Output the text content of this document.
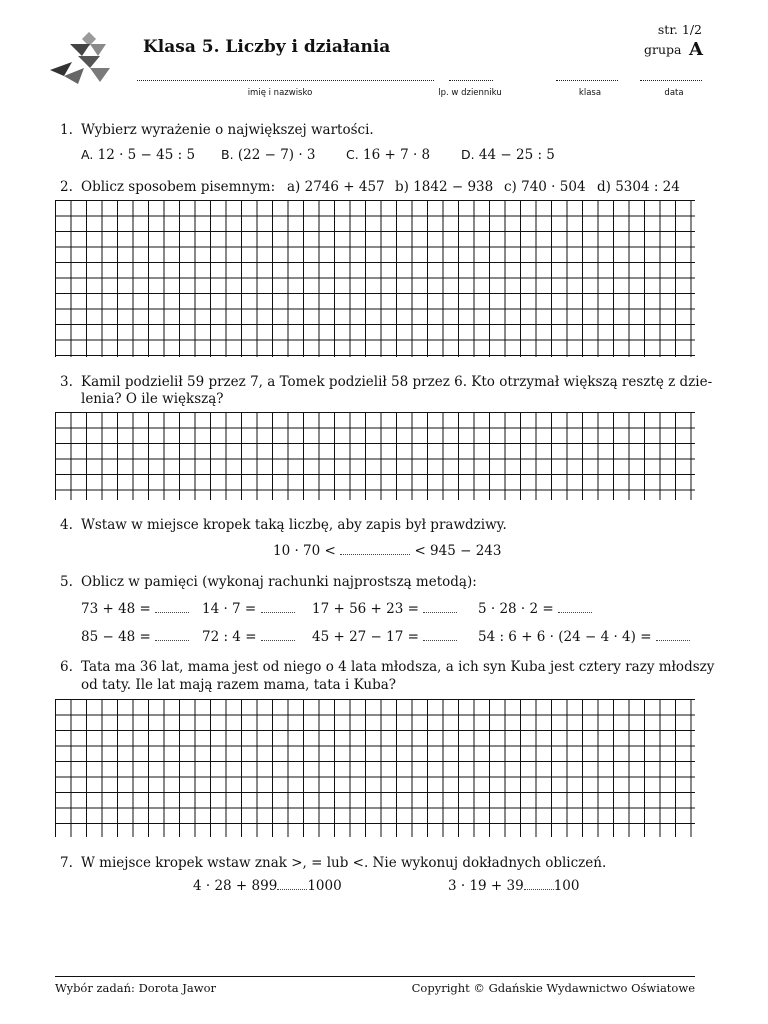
Klasa 5. Liczby i działania
str. 1/2
grupa A
imię i nazwisko	lp. w dzienniku	klasa	data
1. Wybierz wyrażenie o największej wartości.
A. 12 · 5 − 45 : 5 B. (22 − 7) · 3 C. 16 + 7 · 8 D. 44 − 25 : 5
2. Oblicz sposobem pisemnym: a) 2746 + 457 b) 1842 − 938 c) 740 · 504 d) 5304 : 24
3. Kamil podzielił 59 przez 7, a Tomek podzielił 58 przez 6. Kto otrzymał większą resztę z dzie-
lenia? O ile większą?
4. Wstaw w miejsce kropek taką liczbę, aby zapis był prawdziwy.
10 · 70 <	< 945 − 243
5. Oblicz w pamięci (wykonaj rachunki najprostszą metodą):
73 + 48 =	14 · 7 =	17 + 56 + 23 =	5 · 28 · 2 =
85 − 48 =	72 : 4 =	45 + 27 − 17 =	54 : 6 + 6 · (24 − 4 · 4) =
6. Tata ma 36 lat, mama jest od niego o 4 lata młodsza, a ich syn Kuba jest cztery razy młodszy
od taty. Ile lat mają razem mama, tata i Kuba?
7. W miejsce kropek wstaw znak >, = lub <. Nie wykonuj dokładnych obliczeń.
4 · 28 + 899 1000	3 · 19 + 39 100
Wybór zadań: Dorota Jawor	Copyright © Gdańskie Wydawnictwo Oświatowe
